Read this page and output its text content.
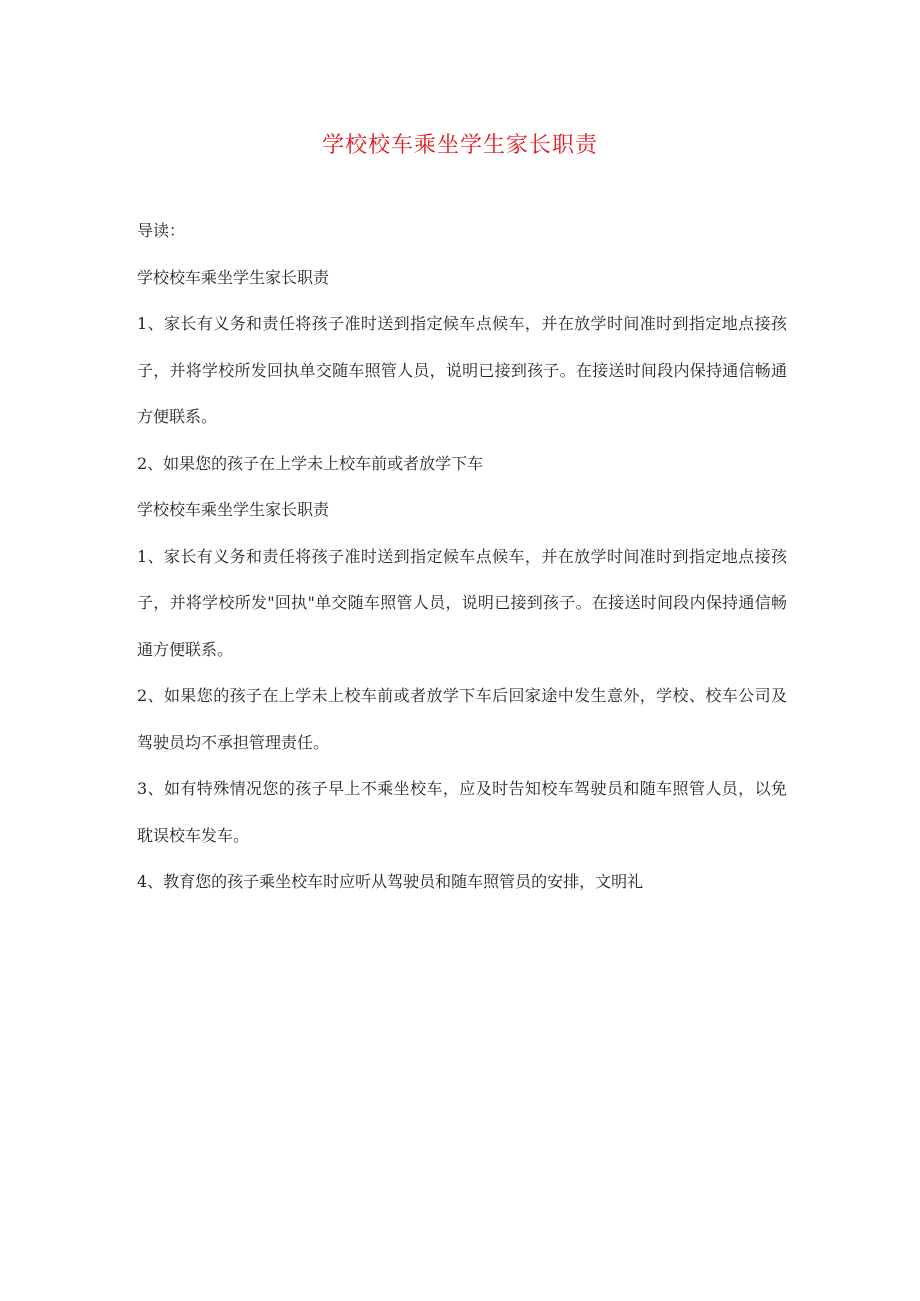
学校校车乘坐学生家长职责

导读：

学校校车乘坐学生家长职责

1、家长有义务和责任将孩子准时送到指定候车点候车，并在放学时间准时到指定地点接孩子，并将学校所发回执单交随车照管人员，说明已接到孩子。在接送时间段内保持通信畅通方便联系。

2、如果您的孩子在上学未上校车前或者放学下车

学校校车乘坐学生家长职责

1、家长有义务和责任将孩子准时送到指定候车点候车，并在放学时间准时到指定地点接孩子，并将学校所发"回执"单交随车照管人员，说明已接到孩子。在接送时间段内保持通信畅通方便联系。

2、如果您的孩子在上学未上校车前或者放学下车后回家途中发生意外，学校、校车公司及驾驶员均不承担管理责任。

3、如有特殊情况您的孩子早上不乘坐校车，应及时告知校车驾驶员和随车照管人员，以免耽误校车发车。

4、教育您的孩子乘坐校车时应听从驾驶员和随车照管员的安排，文明礼
